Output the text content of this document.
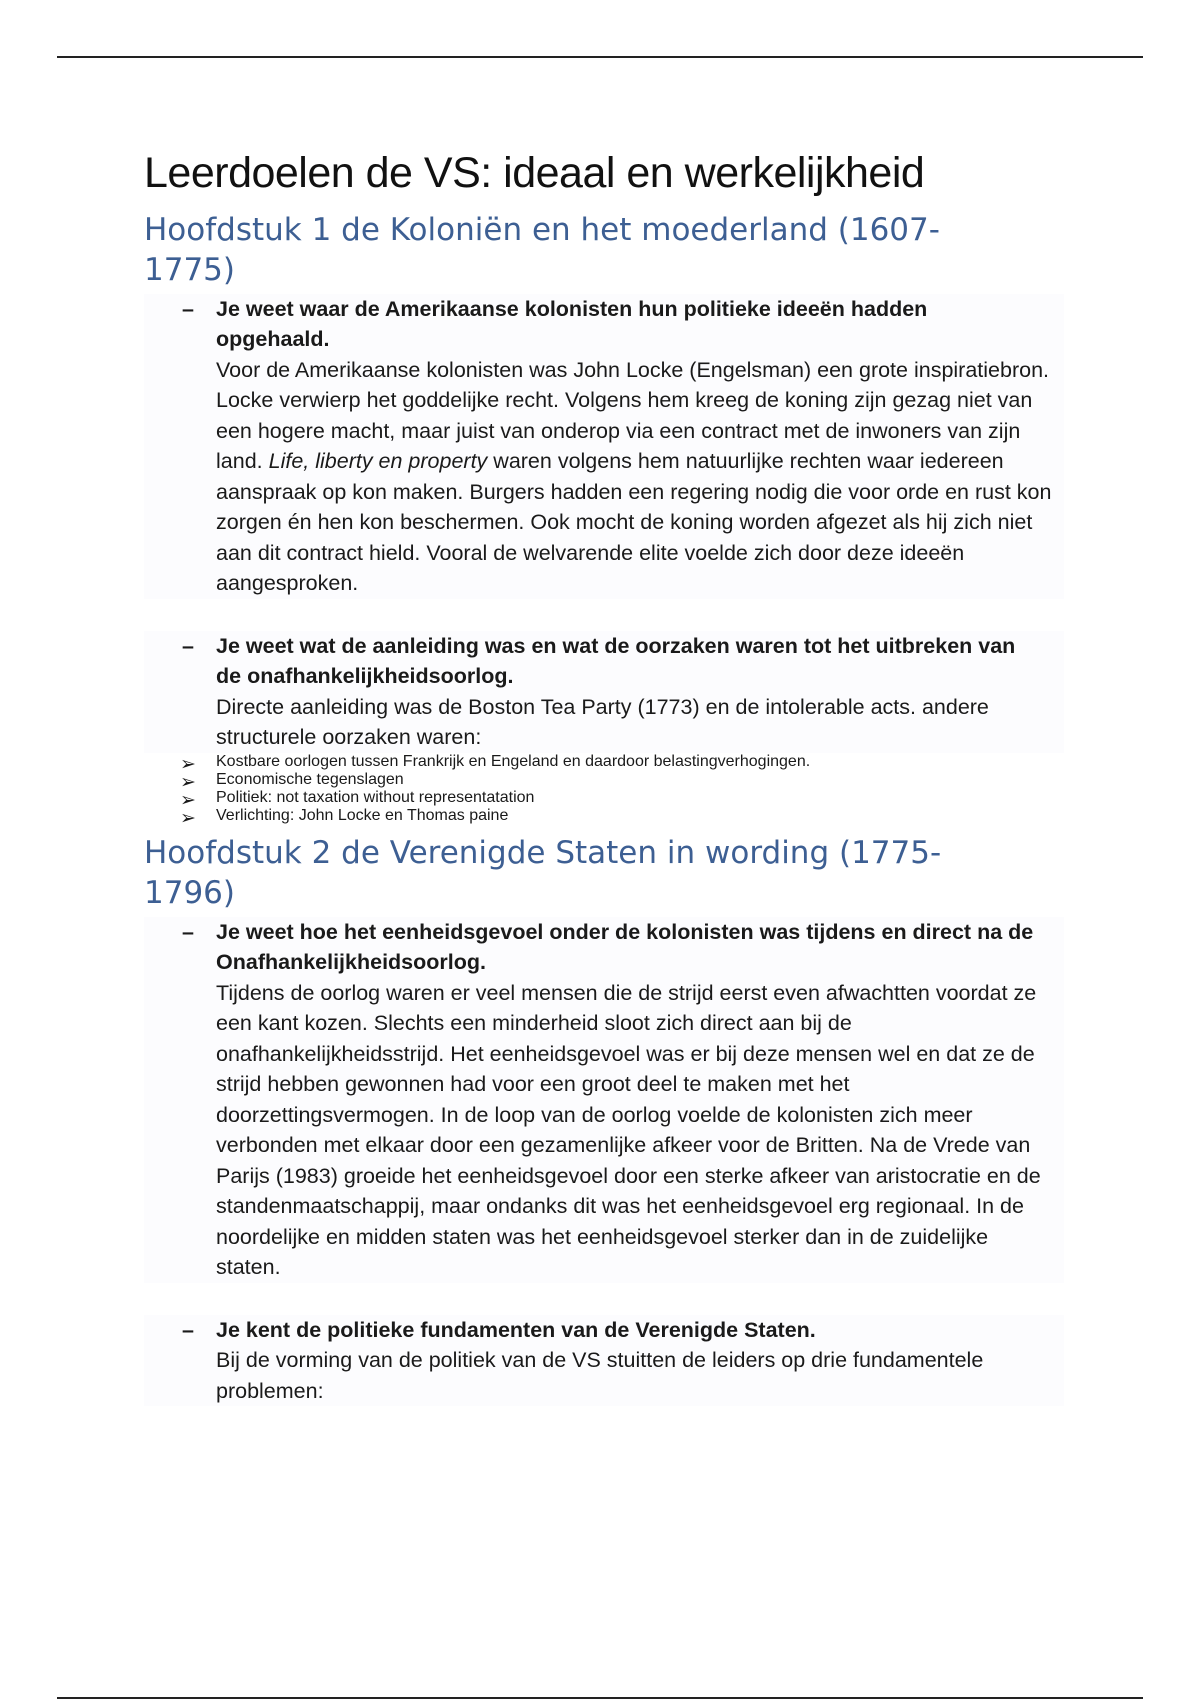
Leerdoelen de VS: ideaal en werkelijkheid
Hoofdstuk 1 de Koloniën en het moederland (1607-1775)
– Je weet waar de Amerikaanse kolonisten hun politieke ideeën hadden opgehaald.
Voor de Amerikaanse kolonisten was John Locke (Engelsman) een grote inspiratiebron. Locke verwierp het goddelijke recht. Volgens hem kreeg de koning zijn gezag niet van een hogere macht, maar juist van onderop via een contract met de inwoners van zijn land. Life, liberty en property waren volgens hem natuurlijke rechten waar iedereen aanspraak op kon maken. Burgers hadden een regering nodig die voor orde en rust kon zorgen én hen kon beschermen. Ook mocht de koning worden afgezet als hij zich niet aan dit contract hield. Vooral de welvarende elite voelde zich door deze ideeën aangesproken.
– Je weet wat de aanleiding was en wat de oorzaken waren tot het uitbreken van de onafhankelijkheidsoorlog.
Directe aanleiding was de Boston Tea Party (1773) en de intolerable acts. andere structurele oorzaken waren:
➢ Kostbare oorlogen tussen Frankrijk en Engeland en daardoor belastingverhogingen.
➢ Economische tegenslagen
➢ Politiek: not taxation without representatation
➢ Verlichting: John Locke en Thomas paine
Hoofdstuk 2 de Verenigde Staten in wording (1775-1796)
– Je weet hoe het eenheidsgevoel onder de kolonisten was tijdens en direct na de Onafhankelijkheidsoorlog.
Tijdens de oorlog waren er veel mensen die de strijd eerst even afwachtten voordat ze een kant kozen. Slechts een minderheid sloot zich direct aan bij de onafhankelijkheidsstrijd. Het eenheidsgevoel was er bij deze mensen wel en dat ze de strijd hebben gewonnen had voor een groot deel te maken met het doorzettingsvermogen. In de loop van de oorlog voelde de kolonisten zich meer verbonden met elkaar door een gezamenlijke afkeer voor de Britten. Na de Vrede van Parijs (1983) groeide het eenheidsgevoel door een sterke afkeer van aristocratie en de standenmaatschappij, maar ondanks dit was het eenheidsgevoel erg regionaal. In de noordelijke en midden staten was het eenheidsgevoel sterker dan in de zuidelijke staten.
– Je kent de politieke fundamenten van de Verenigde Staten.
Bij de vorming van de politiek van de VS stuitten de leiders op drie fundamentele problemen:
